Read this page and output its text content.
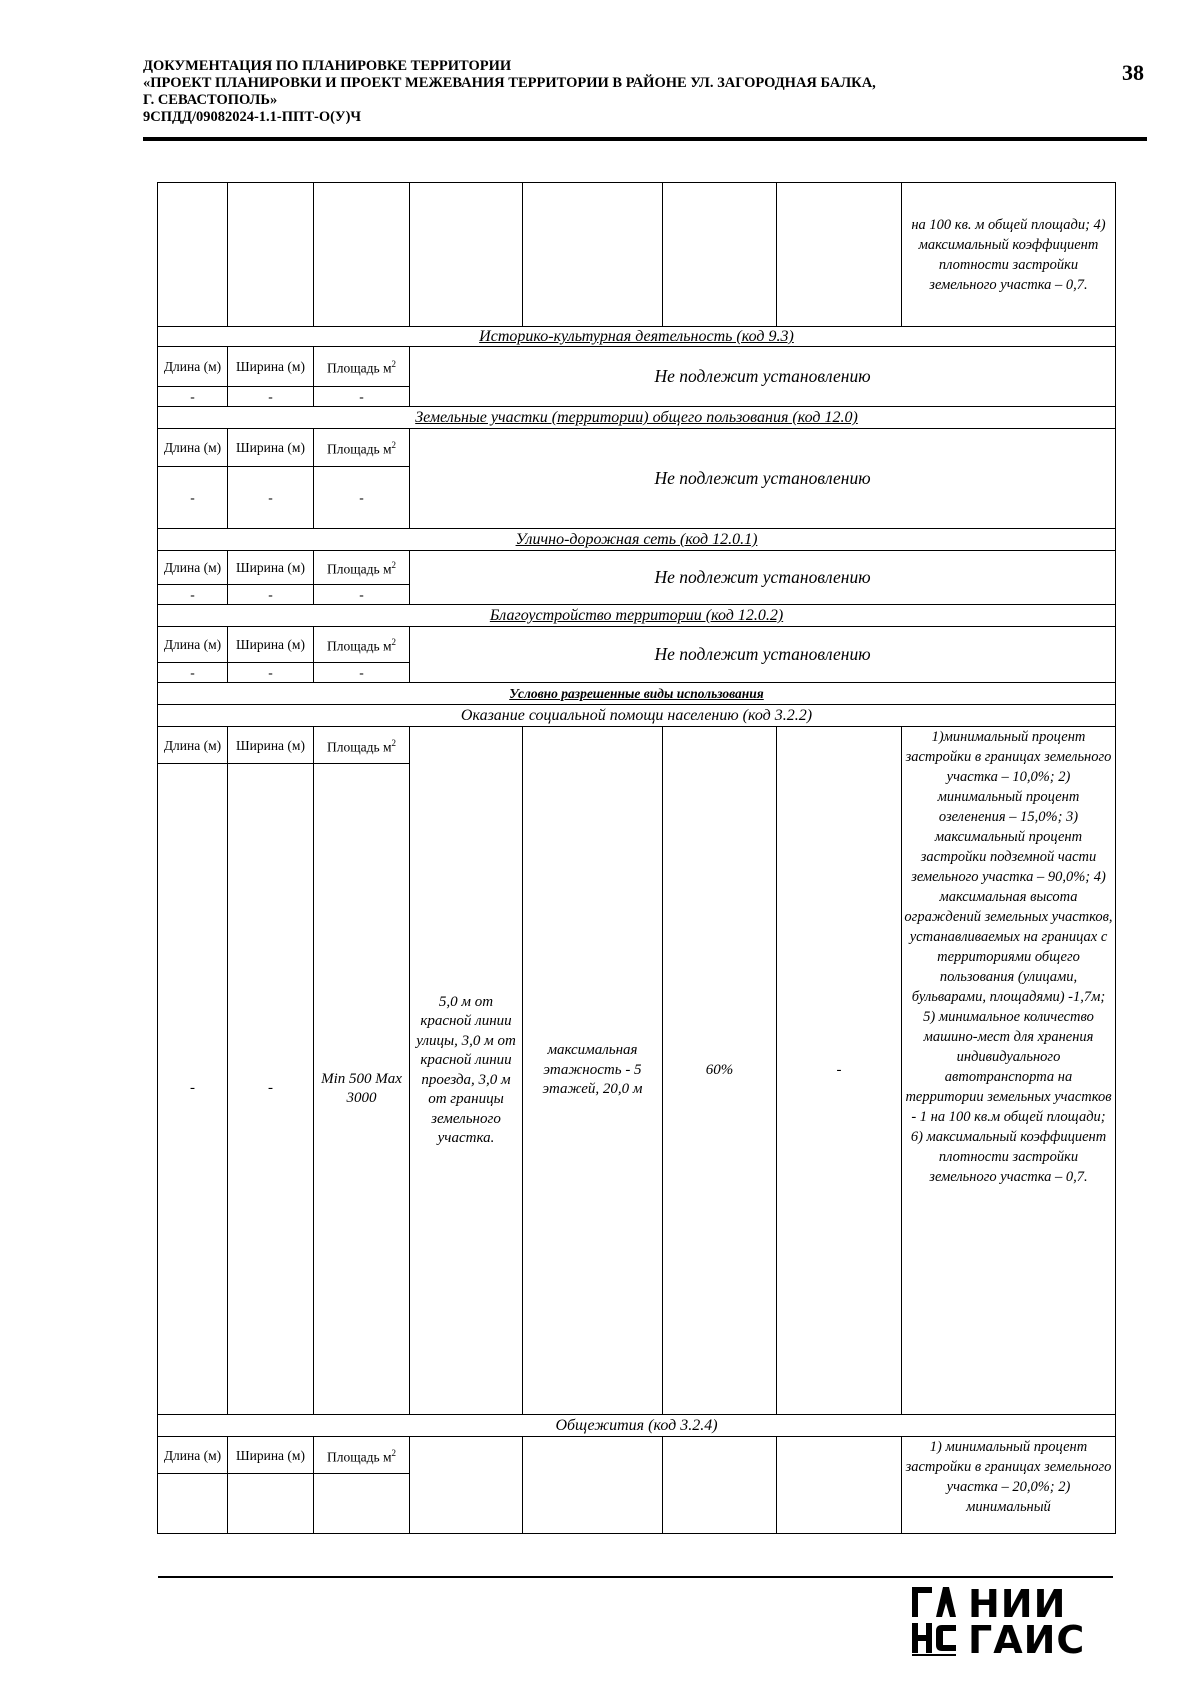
ДОКУМЕНТАЦИЯ ПО ПЛАНИРОВКЕ ТЕРРИТОРИИ
«ПРОЕКТ ПЛАНИРОВКИ И ПРОЕКТ МЕЖЕВАНИЯ ТЕРРИТОРИИ В РАЙОНЕ УЛ. ЗАГОРОДНАЯ БАЛКА,
Г. СЕВАСТОПОЛЬ»
9СПДД/09082024-1.1-ППТ-О(У)Ч
38
							на 100 кв. м общей площади; 4) максимальный коэффициент плотности застройки земельного участка – 0,7.
Историко-культурная деятельность (код 9.3)							
Длина (м)	Ширина (м)	Площадь $м^2$	Не подлежит установлению				
-	-	-					
Земельные участки (территории) общего пользования (код 12.0)							
Длина (м)	Ширина (м)	Площадь $м^2$	Не подлежит установлению				
-	-	-					
Улично-дорожная сеть (код 12.0.1)							
Длина (м)	Ширина (м)	Площадь $м^2$	Не подлежит установлению				
-	-	-					
Благоустройство территории (код 12.0.2)							
Длина (м)	Ширина (м)	Площадь $м^2$	Не подлежит установлению				
-	-	-					
Условно разрешенные виды использования							
Оказание социальной помощи населению (код 3.2.2)							
Длина (м)	Ширина (м)	Площадь $м^2$	5,0 м от красной линии улицы, 3,0 м от красной линии проезда, 3,0 м от границы земельного участка.	максимальная этажность - 5 этажей, 20,0 м	60%	-	1)минимальный процент застройки в границах земельного участка – 10,0%; 2) минимальный процент озеленения – 15,0%; 3) максимальный процент застройки подземной части земельного участка – 90,0%; 4) максимальная высота ограждений земельных участков, устанавливаемых на границах с территориями общего пользования (улицами, бульварами, площадями) -1,7м; 5) минимальное количество машино-мест для хранения индивидуального автотранспорта на территории земельных участков - 1 на 100 кв.м общей площади; 6) максимальный коэффициент плотности застройки земельного участка – 0,7.
-	-	Min 500 Max 3000					
Общежития (код 3.2.4)							
Длина (м)	Ширина (м)	Площадь $м^2$					1) минимальный процент застройки в границах земельного участка – 20,0%; 2) минимальный

НИИ
ГАИС
